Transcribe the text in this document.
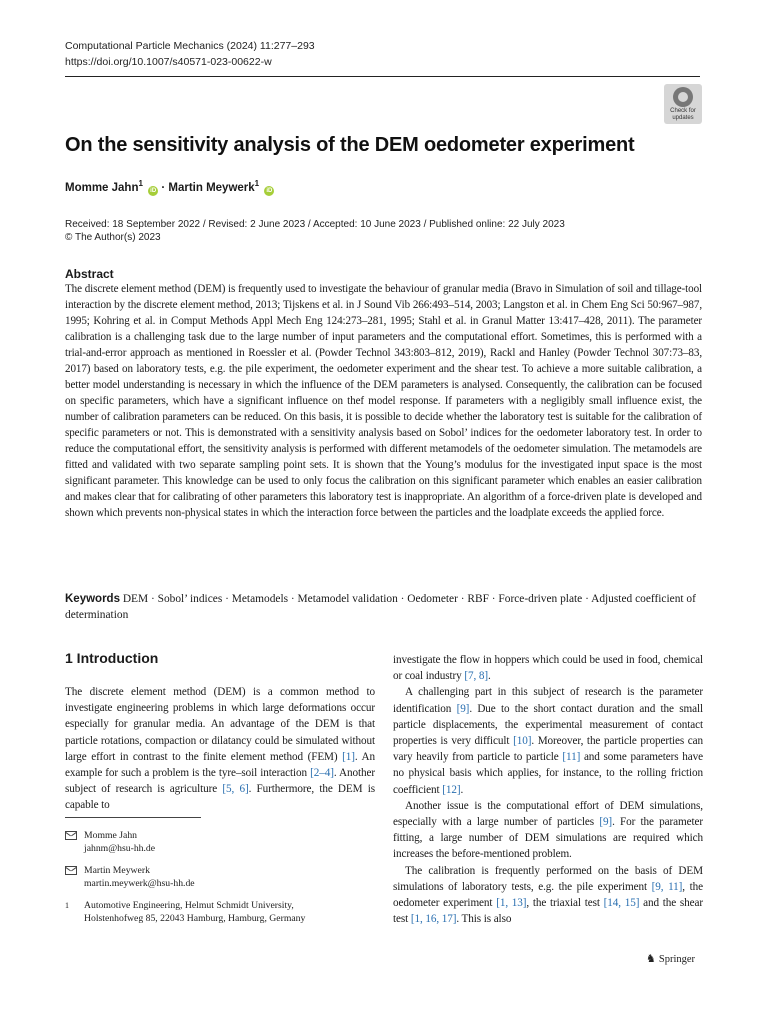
Computational Particle Mechanics (2024) 11:277–293
https://doi.org/10.1007/s40571-023-00622-w
Check for
updates
On the sensitivity analysis of the DEM oedometer experiment
Momme Jahn$^1$ iD · Martin Meywerk$^1$ iD
Received: 18 September 2022 / Revised: 2 June 2023 / Accepted: 10 June 2023 / Published online: 22 July 2023
© The Author(s) 2023
Abstract

The discrete element method (DEM) is frequently used to investigate the behaviour of granular media (Bravo in Simulation of soil and tillage-tool interaction by the discrete element method, 2013; Tijskens et al. in J Sound Vib 266:493–514, 2003; Langston et al. in Chem Eng Sci 50:967–987, 1995; Kohring et al. in Comput Methods Appl Mech Eng 124:273–281, 1995; Stahl et al. in Granul Matter 13:417–428, 2011). The parameter calibration is a challenging task due to the large number of input parameters and the computational effort. Sometimes, this is performed with a trial-and-error approach as mentioned in Roessler et al. (Powder Technol 343:803–812, 2019), Rackl and Hanley (Powder Technol 307:73–83, 2017) based on laboratory tests, e.g. the pile experiment, the oedometer experiment and the shear test. To achieve a more suitable calibration, a better model understanding is necessary in which the influence of the DEM parameters is analysed. Consequently, the calibration can be focused on specific parameters, which have a significant influence on thef model response. If parameters with a negligibly small influence exist, the number of calibration parameters can be reduced. On this basis, it is possible to decide whether the laboratory test is suitable for the calibration of specific parameters or not. This is demonstrated with a sensitivity analysis based on Sobol’ indices for the oedometer laboratory test. In order to reduce the computational effort, the sensitivity analysis is performed with different metamodels of the oedometer simulation. The metamodels are fitted and validated with two separate sampling point sets. It is shown that the Young’s modulus for the investigated input space is the most significant parameter. This knowledge can be used to only focus the calibration on this significant parameter which enables an easier calibration and makes clear that for calibrating of other parameters this laboratory test is inappropriate. An algorithm of a force-driven plate is developed and shown which prevents non-physical states in which the interaction force between the particles and the loadplate exceeds the applied force.

Keywords DEM · Sobol’ indices · Metamodels · Metamodel validation · Oedometer · RBF · Force-driven plate · Adjusted coefficient of determination

1 Introduction

The discrete element method (DEM) is a common method to investigate engineering problems in which large deformations occur especially for granular media. An advantage of the DEM is that particle rotations, compaction or dilatancy could be simulated without large effort in contrast to the finite element method (FEM) [1]. An example for such a problem is the tyre–soil interaction [2–4]. Another subject of research is agriculture [5, 6]. Furthermore, the DEM is capable to

investigate the flow in hoppers which could be used in food, chemical or coal industry [7, 8].

A challenging part in this subject of research is the parameter identification [9]. Due to the short contact duration and the small particle displacements, the experimental measurement of contact properties is very difficult [10]. Moreover, the particle properties can vary heavily from particle to particle [11] and some parameters have no physical basis which applies, for instance, to the rolling friction coefficient [12].

Another issue is the computational effort of DEM simulations, especially with a large number of particles [9]. For the parameter fitting, a large number of DEM simulations are required which increases the before-mentioned problem.

The calibration is frequently performed on the basis of DEM simulations of laboratory tests, e.g. the pile experiment [9, 11], the oedometer experiment [1, 13], the triaxial test [14, 15] and the shear test [1, 16, 17]. This is also

Momme Jahn
jahnm@hsu-hh.de
Martin Meywerk
martin.meywerk@hsu-hh.de
1	Automotive Engineering, Helmut Schmidt University,
Holstenhofweg 85, 22043 Hamburg, Hamburg, Germany
♞ Springer
